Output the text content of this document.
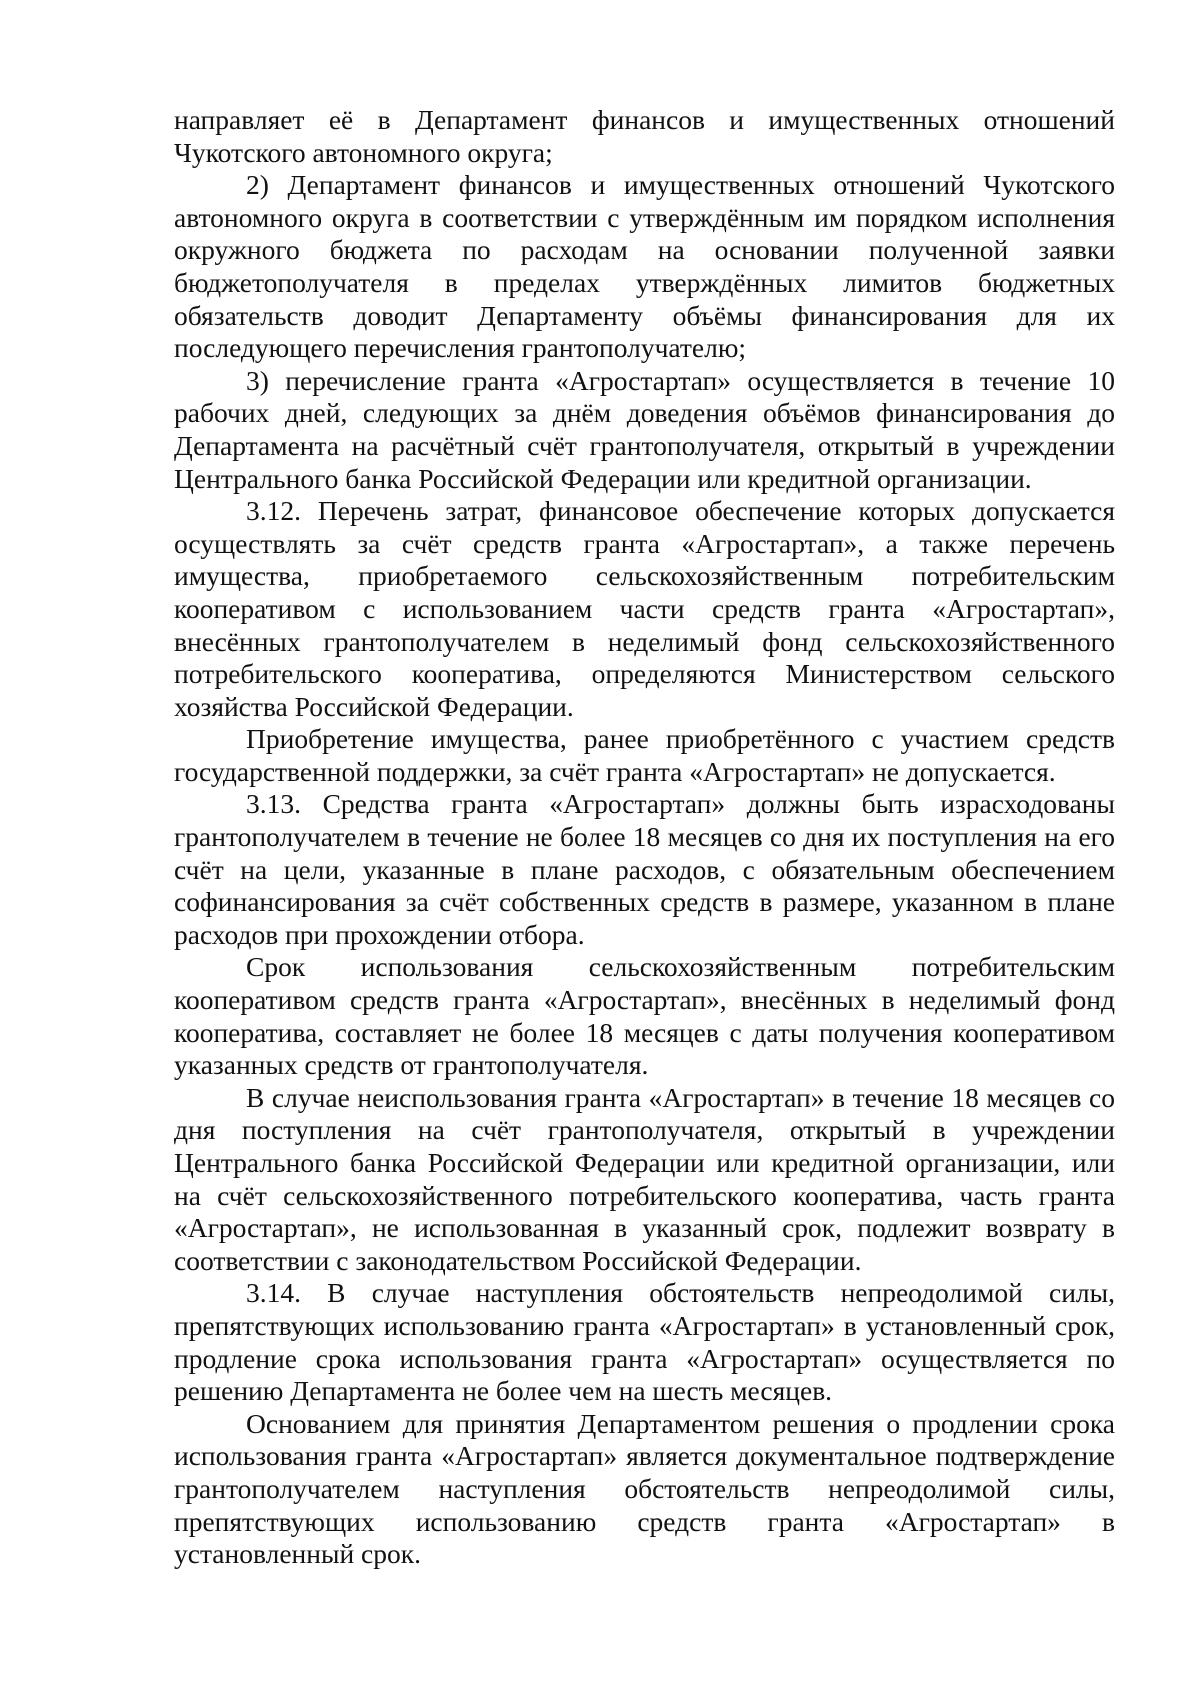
направляет её в Департамент финансов и имущественных отношений Чукотского автономного округа;

2) Департамент финансов и имущественных отношений Чукотского автономного округа в соответствии с утверждённым им порядком исполнения окружного бюджета по расходам на основании полученной заявки бюджетополучателя в пределах утверждённых лимитов бюджетных обязательств доводит Департаменту объёмы финансирования для их последующего перечисления грантополучателю;

3) перечисление гранта «Агростартап» осуществляется в течение 10 рабочих дней, следующих за днём доведения объёмов финансирования до Департамента на расчётный счёт грантополучателя, открытый в учреждении Центрального банка Российской Федерации или кредитной организации.

3.12. Перечень затрат, финансовое обеспечение которых допускается осуществлять за счёт средств гранта «Агростартап», а также перечень имущества, приобретаемого сельскохозяйственным потребительским кооперативом с использованием части средств гранта «Агростартап», внесённых грантополучателем в неделимый фонд сельскохозяйственного потребительского кооператива, определяются Министерством сельского хозяйства Российской Федерации.

Приобретение имущества, ранее приобретённого с участием средств государственной поддержки, за счёт гранта «Агростартап» не допускается.

3.13. Средства гранта «Агростартап» должны быть израсходованы грантополучателем в течение не более 18 месяцев со дня их поступления на его счёт на цели, указанные в плане расходов, с обязательным обеспечением софинансирования за счёт собственных средств в размере, указанном в плане расходов при прохождении отбора.

Срок использования сельскохозяйственным потребительским кооперативом средств гранта «Агростартап», внесённых в неделимый фонд кооператива, составляет не более 18 месяцев с даты получения кооперативом указанных средств от грантополучателя.

В случае неиспользования гранта «Агростартап» в течение 18 месяцев со дня поступления на счёт грантополучателя, открытый в учреждении Центрального банка Российской Федерации или кредитной организации, или на счёт сельскохозяйственного потребительского кооператива, часть гранта «Агростартап», не использованная в указанный срок, подлежит возврату в соответствии с законодательством Российской Федерации.

3.14. В случае наступления обстоятельств непреодолимой силы, препятствующих использованию гранта «Агростартап» в установленный срок, продление срока использования гранта «Агростартап» осуществляется по решению Департамента не более чем на шесть месяцев.

Основанием для принятия Департаментом решения о продлении срока использования гранта «Агростартап» является документальное подтверждение грантополучателем наступления обстоятельств непреодолимой силы, препятствующих использованию средств гранта «Агростартап» в установленный срок.
